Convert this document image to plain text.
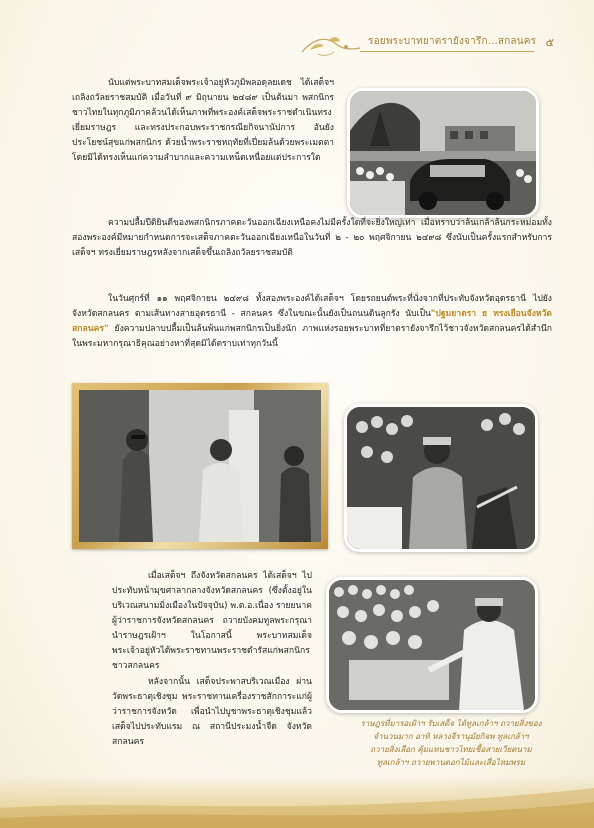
รอยพระบาทยาตรายังจารึก...สกลนคร ๕

นับแต่พระบาทสมเด็จพระเจ้าอยู่หัวภูมิพลอดุลยเดช ได้เสด็จฯ เถลิงถวัลยราชสมบัติ เมื่อวันที่ ๙ มิถุนายน ๒๔๘๙ เป็นต้นมา พสกนิกรชาวไทยในทุกภูมิภาคล้วนได้เห็นภาพที่พระองค์เสด็จพระราชดำเนินทรงเยี่ยมราษฎร และทรงประกอบพระราชกรณียกิจนานัปการ อันยังประโยชน์สุขแก่พสกนิกร ด้วยน้ำพระราชหฤทัยที่เปี่ยมล้นด้วยพระเมตตา โดยมิได้ทรงเห็นแก่ความลำบากและความเหน็ดเหนื่อยแต่ประการใด

ความปลื้มปีติยินดีของพสกนิกรภาคตะวันออกเฉียงเหนือคงไม่มีครั้งใดที่จะยิ่งใหญ่เท่า เมื่อทราบว่าล้นเกล้าล้นกระหม่อมทั้งสองพระองค์มีหมายกำหนดการจะเสด็จภาคตะวันออกเฉียงเหนือในวันที่ ๒ - ๒๐ พฤศจิกายน ๒๔๙๘ ซึ่งนับเป็นครั้งแรกสำหรับการเสด็จฯ ทรงเยี่ยมราษฎรหลังจากเสด็จขึ้นเถลิงถวัลยราชสมบัติ

ในวันศุกร์ที่ ๑๑ พฤศจิกายน ๒๔๙๘ ทั้งสองพระองค์ได้เสด็จฯ โดยรถยนต์พระที่นั่งจากที่ประทับจังหวัดอุดรธานี ไปยังจังหวัดสกลนคร ตามเส้นทางสายอุดรธานี - สกลนคร ซึ่งในขณะนั้นยังเป็นถนนดินลูกรัง นับเป็น"ปฐมยาตรา ธ ทรงเยือนจังหวัดสกลนคร" ยังความปลาบปลื้มเป็นล้นพ้นแก่พสกนิกรเป็นยิ่งนัก ภาพแห่งรอยพระบาทที่ยาตรายังจารึกไว้ชาวจังหวัดสกลนครได้สำนึกในพระมหากรุณาธิคุณอย่างหาที่สุดมิได้ตราบเท่าทุกวันนี้

เมื่อเสด็จฯ ถึงจังหวัดสกลนคร ได้เสด็จฯ ไปประทับหน้ามุขศาลากลางจังหวัดสกลนคร (ซึ่งตั้งอยู่ในบริเวณสนามมิ่งเมืองในปัจจุบัน) พ.ต.อ.เนื่อง รายยนาค ผู้ว่าราชการจังหวัดสกลนคร ถวายบังคมทูลพระกรุณานำราษฎรเฝ้าฯ ในโอกาสนี้ พระบาทสมเด็จพระเจ้าอยู่หัวได้พระราชทานพระราชดำรัสแก่พสกนิกรชาวสกลนคร

หลังจากนั้น เสด็จประพาสบริเวณเมือง ผ่านวัดพระธาตุเชิงชุม พระราชทานเครื่องราชสักการะแก่ผู้ว่าราชการจังหวัด เพื่อนำไปบูชาพระธาตุเชิงชุมแล้วเสด็จไปประทับแรม ณ สถานีประมงน้ำจืด จังหวัดสกลนคร

ราษฎรที่มารอเฝ้าฯ รับเสด็จ ได้ทูลเกล้าฯ ถวายสิ่งของ
จำนวนมาก อาทิ หลวงจีรานุมัยกิจพ ทูลเกล้าฯ
ถวายสิ่งเลือก คุ้มแทนชาวไทยเชื้อสายเวียดนาม
ทูลเกล้าฯ ถวายพานดอกไม้และเสื่อไหมพรม
